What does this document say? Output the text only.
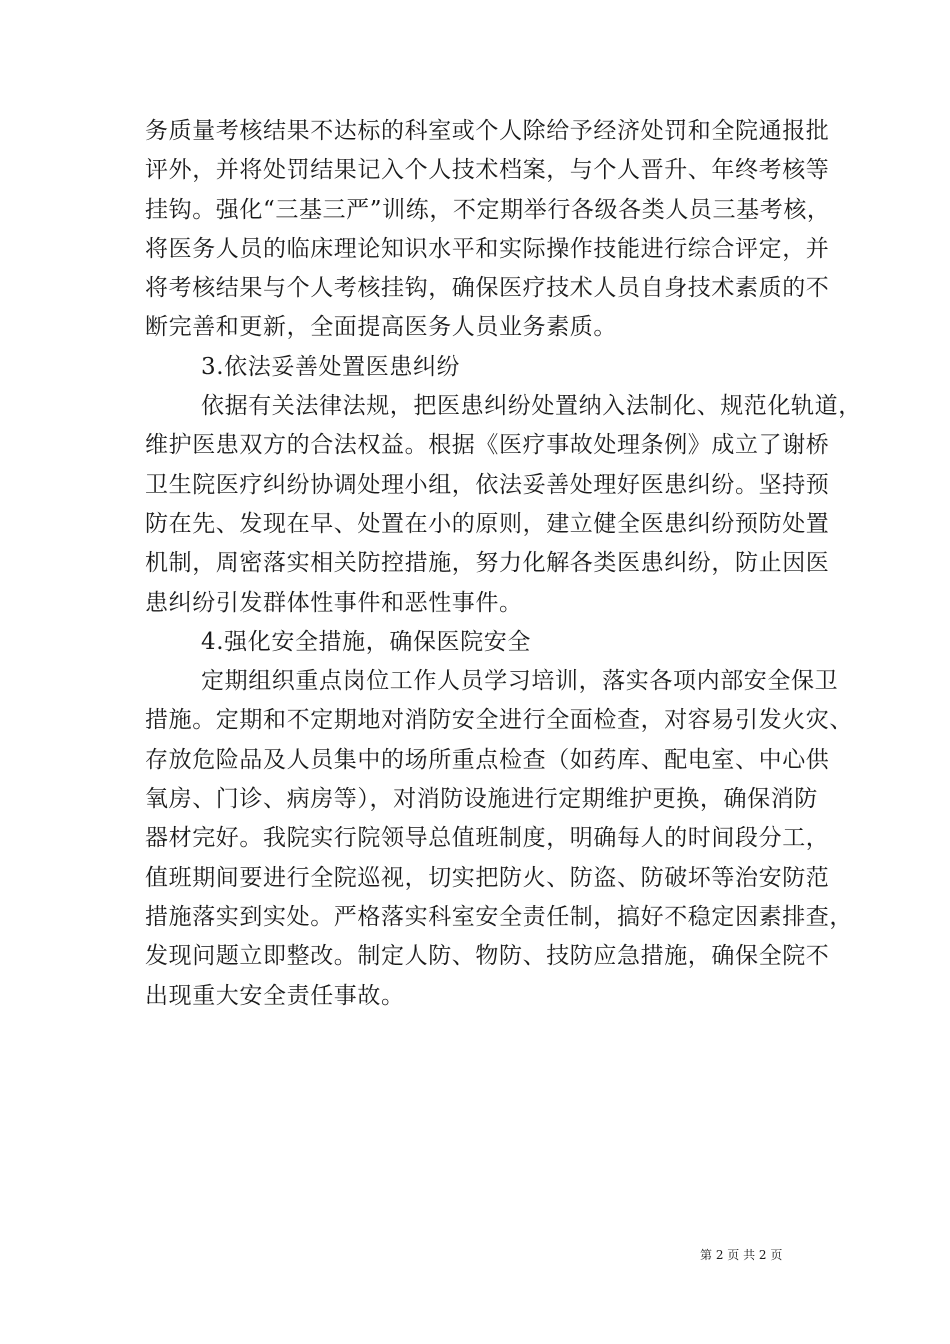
务质量考核结果不达标的科室或个人除给予经济处罚和全院通报批
评外，并将处罚结果记入个人技术档案，与个人晋升、年终考核等
挂钩。强化“三基三严”训练，不定期举行各级各类人员三基考核，
将医务人员的临床理论知识水平和实际操作技能进行综合评定，并
将考核结果与个人考核挂钩，确保医疗技术人员自身技术素质的不
断完善和更新，全面提高医务人员业务素质。
3.依法妥善处置医患纠纷
依据有关法律法规，把医患纠纷处置纳入法制化、规范化轨道，
维护医患双方的合法权益。根据《医疗事故处理条例》成立了谢桥
卫生院医疗纠纷协调处理小组，依法妥善处理好医患纠纷。坚持预
防在先、发现在早、处置在小的原则，建立健全医患纠纷预防处置
机制，周密落实相关防控措施，努力化解各类医患纠纷，防止因医
患纠纷引发群体性事件和恶性事件。
4.强化安全措施，确保医院安全
定期组织重点岗位工作人员学习培训，落实各项内部安全保卫
措施。定期和不定期地对消防安全进行全面检查，对容易引发火灾、
存放危险品及人员集中的场所重点检查（如药库、配电室、中心供
氧房、门诊、病房等），对消防设施进行定期维护更换，确保消防
器材完好。我院实行院领导总值班制度，明确每人的时间段分工，
值班期间要进行全院巡视，切实把防火、防盗、防破坏等治安防范
措施落实到实处。严格落实科室安全责任制，搞好不稳定因素排查，
发现问题立即整改。制定人防、物防、技防应急措施，确保全院不
出现重大安全责任事故。
第 2 页 共 2 页
